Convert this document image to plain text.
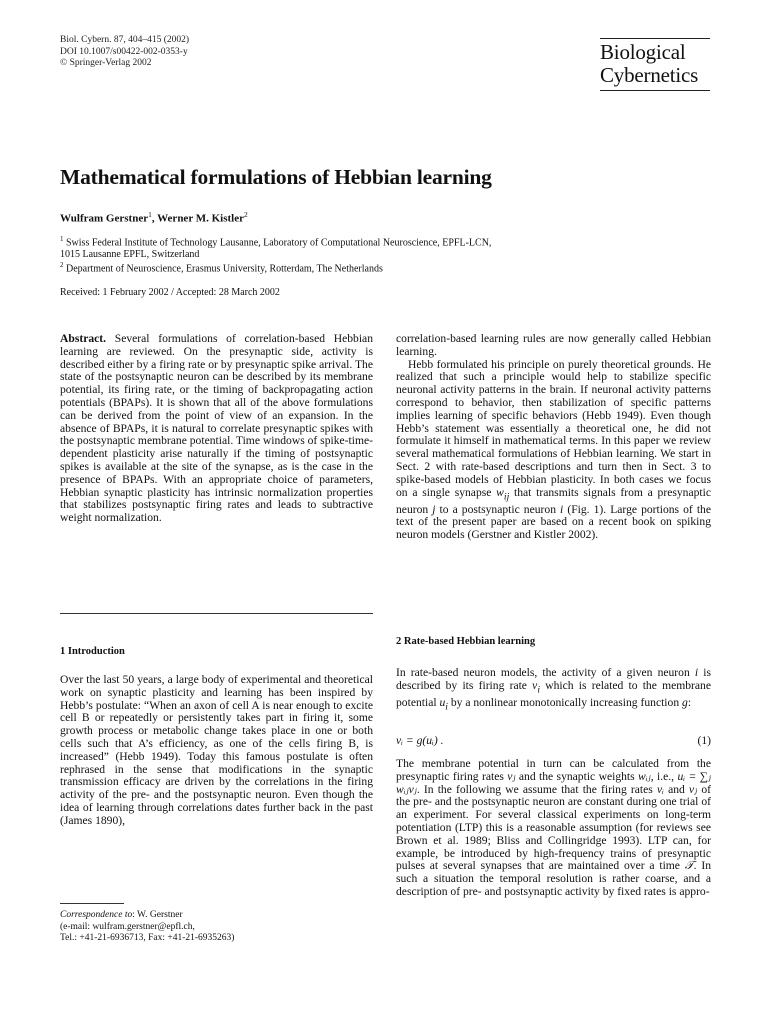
Biol. Cybern. 87, 404–415 (2002)
DOI 10.1007/s00422-002-0353-y
© Springer-Verlag 2002	Biological
Cybernetics
Mathematical formulations of Hebbian learning
Wulfram Gerstner$^1$, Werner M. Kistler$^2$
$^1$ Swiss Federal Institute of Technology Lausanne, Laboratory of Computational Neuroscience, EPFL-LCN,
1015 Lausanne EPFL, Switzerland
$^2$ Department of Neuroscience, Erasmus University, Rotterdam, The Netherlands
Received: 1 February 2002 / Accepted: 28 March 2002

Abstract. Several formulations of correlation-based Hebbian learning are reviewed. On the presynaptic side, activity is described either by a firing rate or by presynaptic spike arrival. The state of the postsynaptic neuron can be described by its membrane potential, its firing rate, or the timing of backpropagating action potentials (BPAPs). It is shown that all of the above formulations can be derived from the point of view of an expansion. In the absence of BPAPs, it is natural to correlate presynaptic spikes with the postsynaptic membrane potential. Time windows of spike-time-dependent plasticity arise naturally if the timing of postsynaptic spikes is available at the site of the synapse, as is the case in the presence of BPAPs. With an appropriate choice of parameters, Hebbian synaptic plasticity has intrinsic normalization properties that stabilizes postsynaptic firing rates and leads to subtractive weight normalization.

1 Introduction

Over the last 50 years, a large body of experimental and theoretical work on synaptic plasticity and learning has been inspired by Hebb’s postulate: “When an axon of cell A is near enough to excite cell B or repeatedly or persistently takes part in firing it, some growth process or metabolic change takes place in one or both cells such that A’s efficiency, as one of the cells firing B, is increased” (Hebb 1949). Today this famous postulate is often rephrased in the sense that modifications in the synaptic transmission efficacy are driven by the correlations in the firing activity of the pre- and the postsynaptic neuron. Even though the idea of learning through correlations dates further back in the past (James 1890),

Correspondence to: W. Gerstner
(e-mail: wulfram.gerstner@epfl.ch,
Tel.: +41-21-6936713, Fax: +41-21-6935263)

correlation-based learning rules are now generally called Hebbian learning.

Hebb formulated his principle on purely theoretical grounds. He realized that such a principle would help to stabilize specific neuronal activity patterns in the brain. If neuronal activity patterns correspond to behavior, then stabilization of specific patterns implies learning of specific behaviors (Hebb 1949). Even though Hebb’s statement was essentially a theoretical one, he did not formulate it himself in mathematical terms. In this paper we review several mathematical formulations of Hebbian learning. We start in Sect. 2 with rate-based descriptions and turn then in Sect. 3 to spike-based models of Hebbian plasticity. In both cases we focus on a single synapse $w_{ij}$ that transmits signals from a presynaptic neuron j to a postsynaptic neuron i (Fig. 1). Large portions of the text of the present paper are based on a recent book on spiking neuron models (Gerstner and Kistler 2002).

2 Rate-based Hebbian learning

In rate-based neuron models, the activity of a given neuron i is described by its firing rate $v_i$ which is related to the membrane potential $u_i$ by a nonlinear monotonically increasing function g:

vᵢ = g(uᵢ) .	(1)

The membrane potential in turn can be calculated from the presynaptic firing rates vⱼ and the synaptic weights wᵢⱼ, i.e., uᵢ = ∑ⱼ wᵢⱼvⱼ. In the following we assume that the firing rates vᵢ and vⱼ of the pre- and the postsynaptic neuron are constant during one trial of an experiment. For several classical experiments on long-term potentiation (LTP) this is a reasonable assumption (for reviews see Brown et al. 1989; Bliss and Collingridge 1993). LTP can, for example, be introduced by high-frequency trains of presynaptic pulses at several synapses that are maintained over a time 𝒯. In such a situation the temporal resolution is rather coarse, and a description of pre- and postsynaptic activity by fixed rates is appro-
